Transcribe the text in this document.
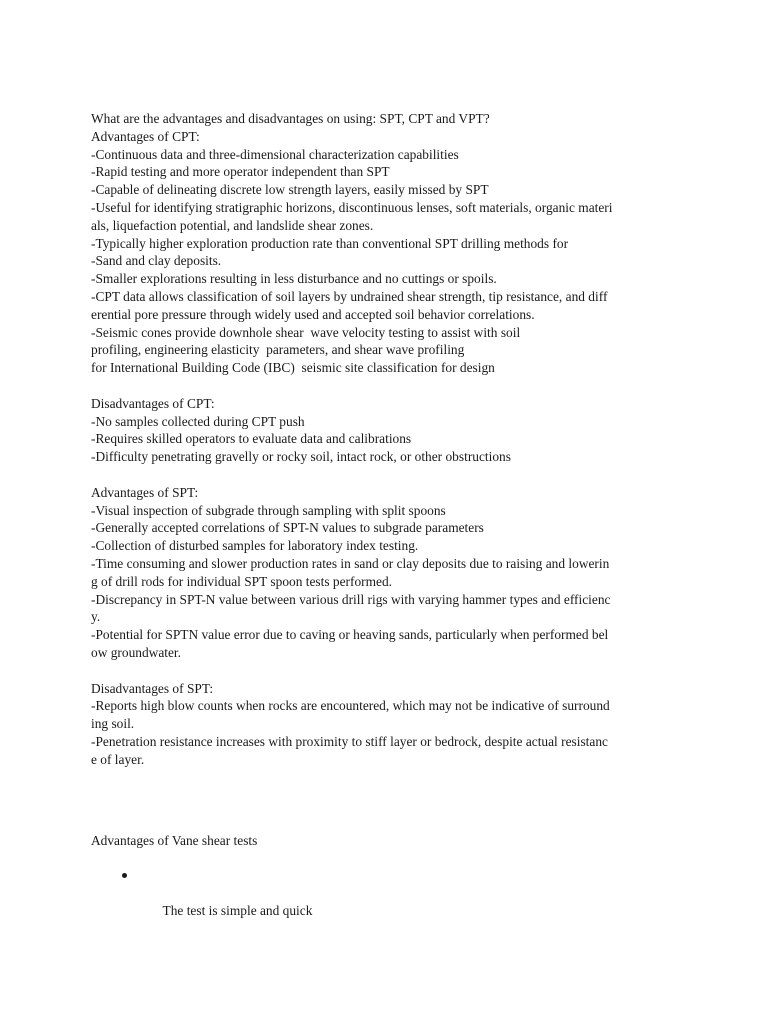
What are the advantages and disadvantages on using: SPT, CPT and VPT?
Advantages of CPT:
-Continuous data and three-dimensional characterization capabilities
-Rapid testing and more operator independent than SPT
-Capable of delineating discrete low strength layers, easily missed by SPT
-Useful for identifying stratigraphic horizons, discontinuous lenses, soft materials, organic materi
als, liquefaction potential, and landslide shear zones.
-Typically higher exploration production rate than conventional SPT drilling methods for
-Sand and clay deposits.
-Smaller explorations resulting in less disturbance and no cuttings or spoils.
-CPT data allows classification of soil layers by undrained shear strength, tip resistance, and diff
erential pore pressure through widely used and accepted soil behavior correlations.
-Seismic cones provide downhole shear  wave velocity testing to assist with soil
profiling, engineering elasticity  parameters, and shear wave profiling
for International Building Code (IBC)  seismic site classification for design
Disadvantages of CPT:
-No samples collected during CPT push
-Requires skilled operators to evaluate data and calibrations
-Difficulty penetrating gravelly or rocky soil, intact rock, or other obstructions
Advantages of SPT:
-Visual inspection of subgrade through sampling with split spoons
-Generally accepted correlations of SPT-N values to subgrade parameters
-Collection of disturbed samples for laboratory index testing.
-Time consuming and slower production rates in sand or clay deposits due to raising and lowerin
g of drill rods for individual SPT spoon tests performed.
-Discrepancy in SPT-N value between various drill rigs with varying hammer types and efficienc
y.
-Potential for SPTN value error due to caving or heaving sands, particularly when performed bel
ow groundwater.
Disadvantages of SPT:
-Reports high blow counts when rocks are encountered, which may not be indicative of surround
ing soil.
-Penetration resistance increases with proximity to stiff layer or bedrock, despite actual resistanc
e of layer.
Advantages of Vane shear tests

The test is simple and quick
